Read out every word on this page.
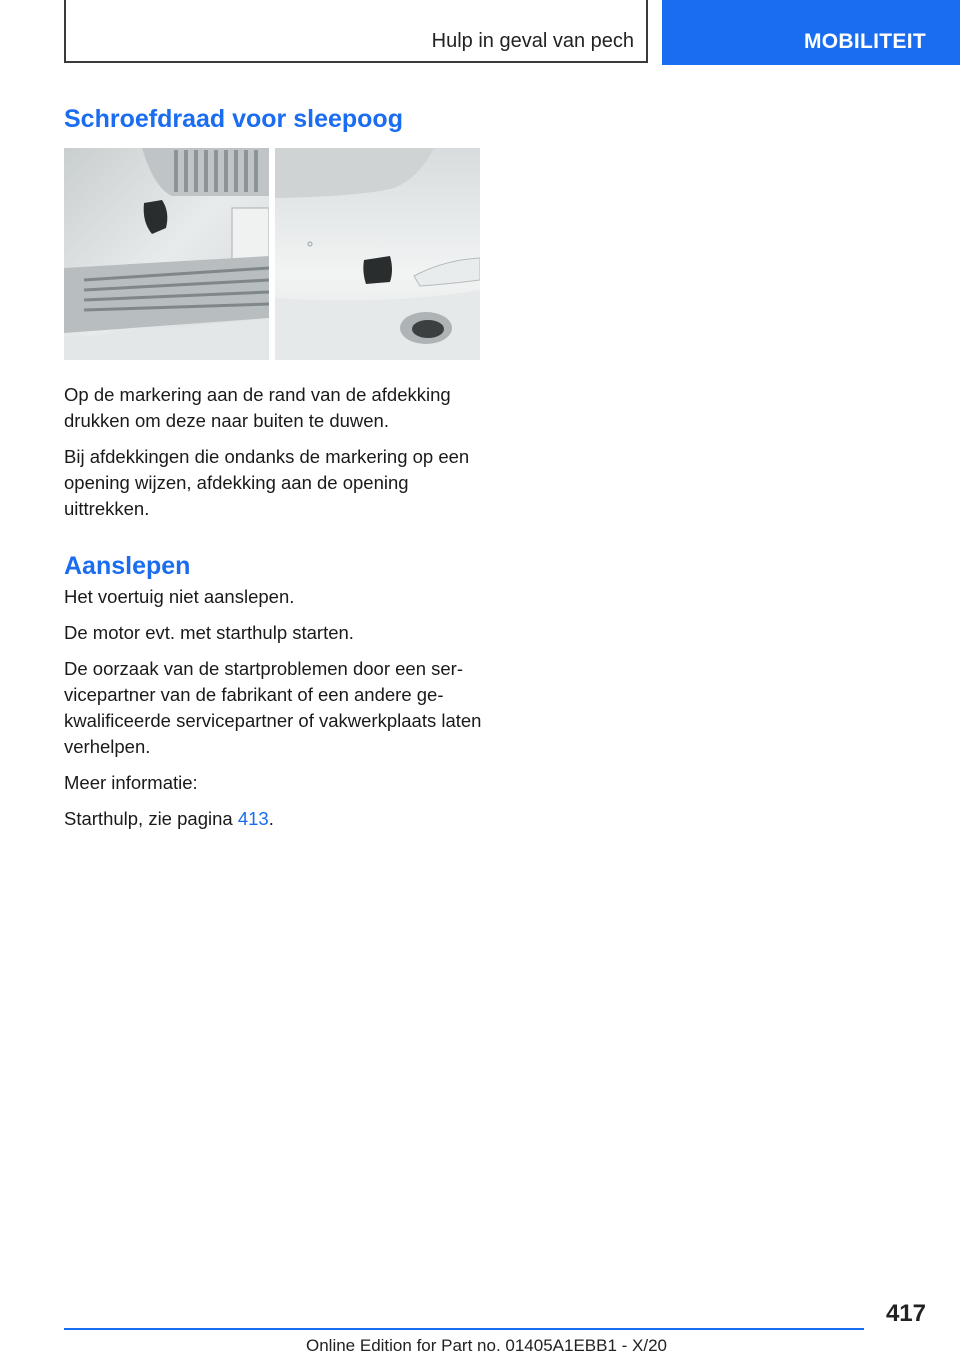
Hulp in geval van pech	MOBILITEIT
Schroefdraad voor sleepoog

Op de markering aan de rand van de afdekking drukken om deze naar buiten te duwen.

Bij afdekkingen die ondanks de markering op een opening wijzen, afdekking aan de opening uittrekken.

Aanslepen

Het voertuig niet aanslepen.

De motor evt. met starthulp starten.

De oorzaak van de startproblemen door een servicepartner van de fabrikant of een andere gekwalificeerde servicepartner of vakwerkplaats laten verhelpen.

Meer informatie:

Starthulp, zie pagina 413.

417
Online Edition for Part no. 01405A1EBB1 - X/20
